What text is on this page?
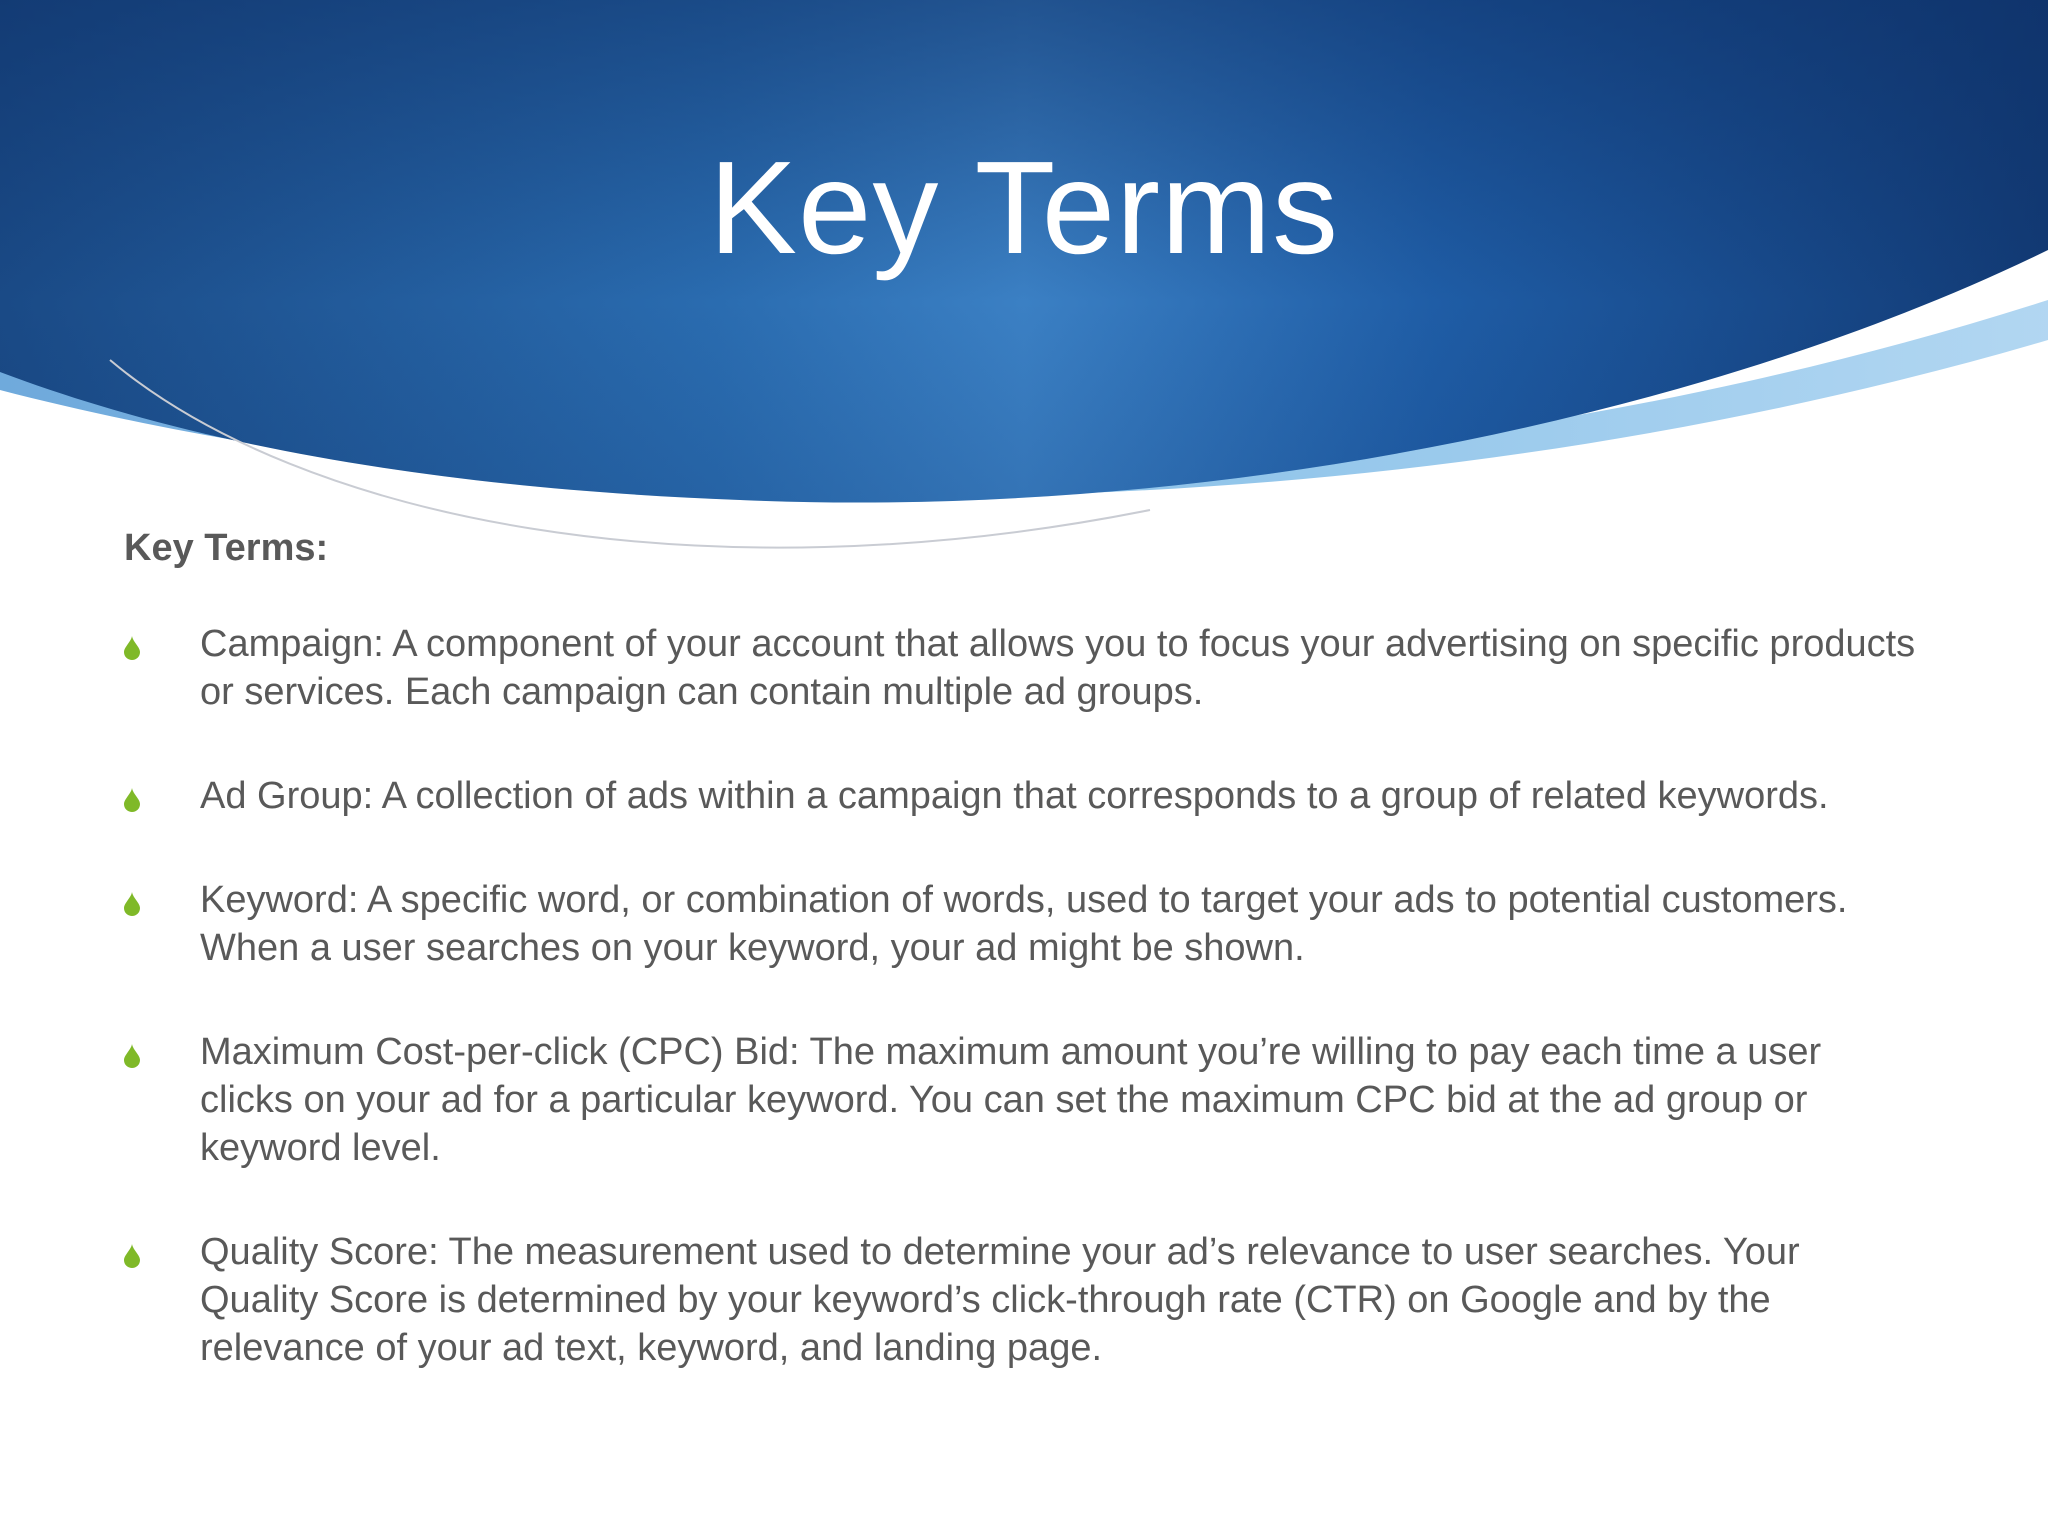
Key Terms
Key Terms:
Campaign: A component of your account that allows you to focus your advertising on specific products or services. Each campaign can contain multiple ad groups.
Ad Group: A collection of ads within a campaign that corresponds to a group of related keywords.
Keyword: A specific word, or combination of words, used to target your ads to potential customers. When a user searches on your keyword, your ad might be shown.
Maximum Cost-per-click (CPC) Bid: The maximum amount you’re willing to pay each time a user clicks on your ad for a particular keyword. You can set the maximum CPC bid at the ad group or keyword level.
Quality Score: The measurement used to determine your ad’s relevance to user searches. Your Quality Score is determined by your keyword’s click-through rate (CTR) on Google and by the relevance of your ad text, keyword, and landing page.
